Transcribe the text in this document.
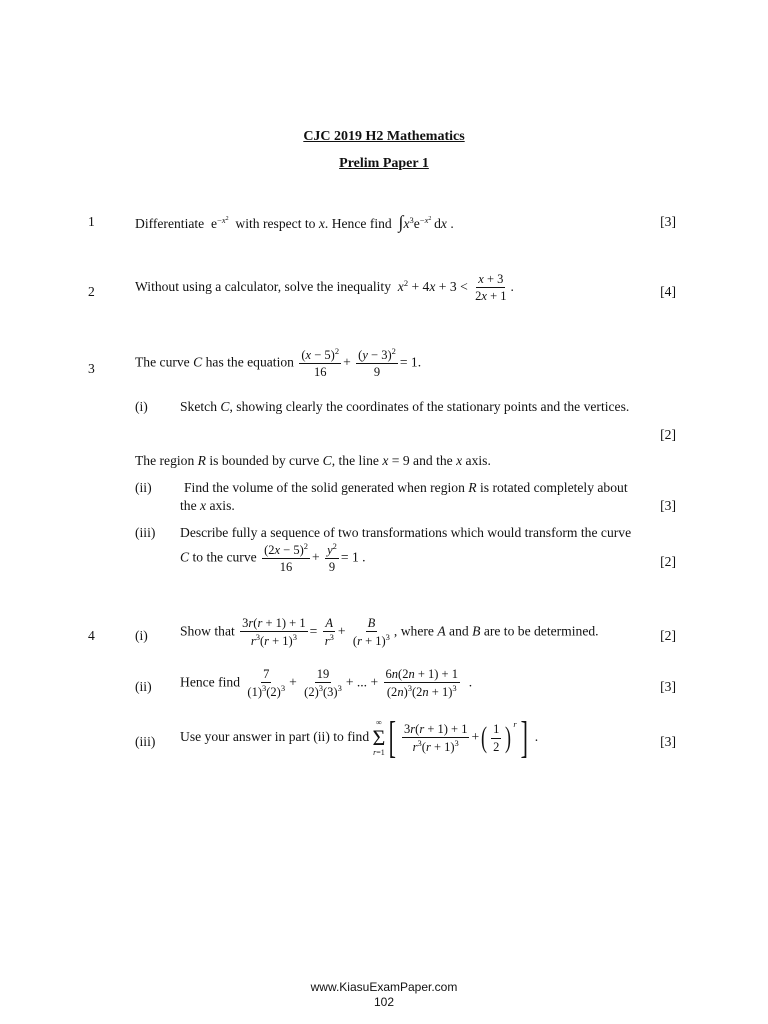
CJC 2019 H2 Mathematics
Prelim Paper 1
1	Differentiate  $e^{-x^2}$ with respect to x. Hence find $\int x^3e^{-x^2}$ dx .	[3]
2	Without using a calculator, solve the inequality $x^2 + 4x + 3 < \frac{x + 3}{2x + 1}$ .	[4]
3	The curve C has the equation $\frac{(x - 5)^2}{16} + \frac{(y - 3)^2}{9} = 1$.
(i) Sketch C, showing clearly the coordinates of the stationary points and the vertices.
[2]
The region R is bounded by curve C, the line x = 9 and the x axis.
(ii) Find the volume of the solid generated when region R is rotated completely about
the x axis.	[3]
(iii) Describe fully a sequence of two transformations which would transform the curve
C to the curve $\frac{(2x - 5)^2}{16} + \frac{y^2}{9} = 1$ .	[2]
4	(i) Show that $\frac{3r(r + 1) + 1}{r^3(r + 1)^3} = \frac{A}{r^3} + \frac{B}{(r + 1)^3}$ , where A and B are to be determined.	[2]
(ii) Hence find $\frac{7}{(1)^3(2)^3} + \frac{19}{(2)^3(3)^3}$ + ... + $\frac{6n(2n + 1) + 1}{(2n)^3(2n + 1)^3}$ .	[3]
(iii) Use your answer in part (ii) to find
∞
Σ
r=1 [ $\frac{3r(r + 1) + 1}{r^3(r + 1)^3}$ +( $\frac{1}{2}$ ) $^r$] .	[3]
www.KiasuExamPaper.com
102
